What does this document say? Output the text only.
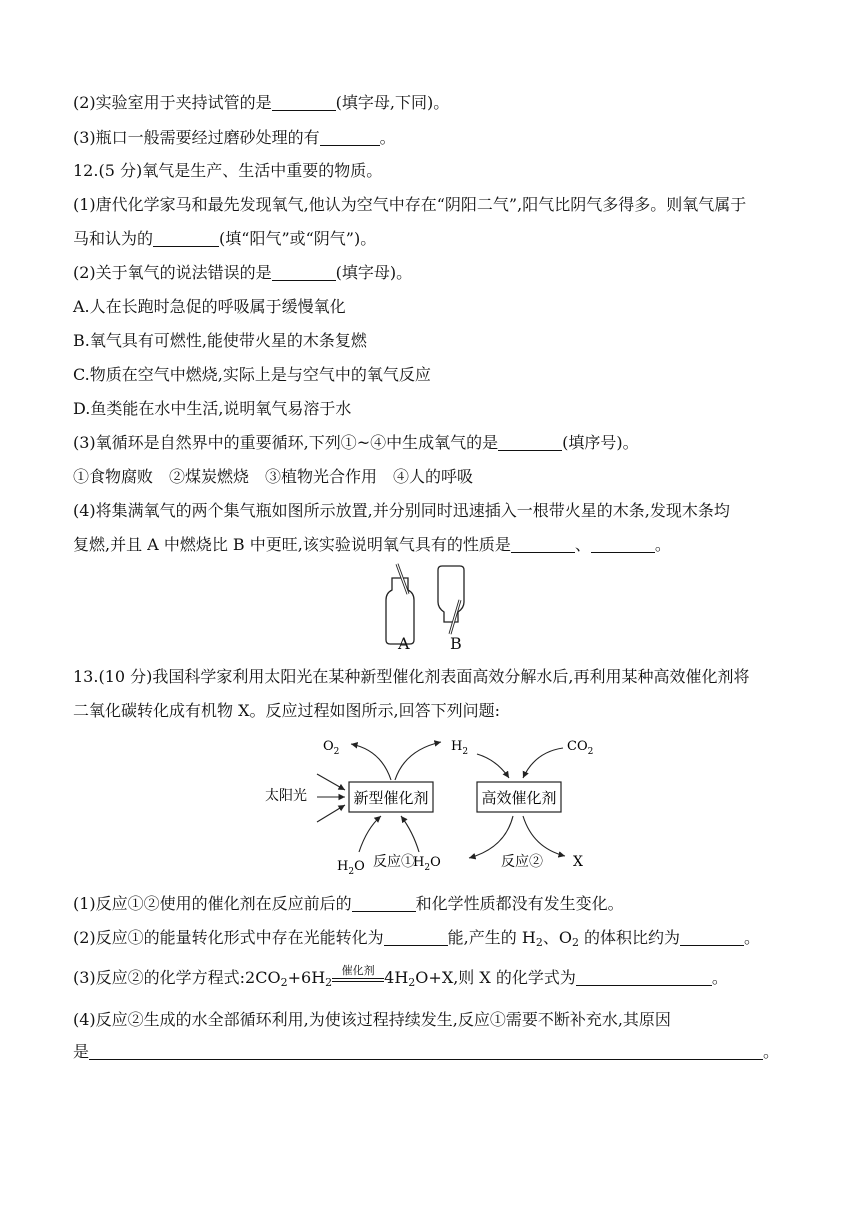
(2)实验室用于夹持试管的是	(填字母,下同)。
(3)瓶口一般需要经过磨砂处理的有	。
12.(5 分)氧气是生产、生活中重要的物质。
(1)唐代化学家马和最先发现氧气,他认为空气中存在“阴阳二气”,阳气比阴气多得多。则氧气属于
马和认为的	(填“阳气”或“阴气”)。
(2)关于氧气的说法错误的是	(填字母)。
A.人在长跑时急促的呼吸属于缓慢氧化
B.氧气具有可燃性,能使带火星的木条复燃
C.物质在空气中燃烧,实际上是与空气中的氧气反应
D.鱼类能在水中生活,说明氧气易溶于水
(3)氧循环是自然界中的重要循环,下列①~④中生成氧气的是	(填序号)。
①食物腐败　②煤炭燃烧　③植物光合作用　④人的呼吸
(4)将集满氧气的两个集气瓶如图所示放置,并分别同时迅速插入一根带火星的木条,发现木条均
复燃,并且 A 中燃烧比 B 中更旺,该实验说明氧气具有的性质是	、	。
A	B
13.(10 分)我国科学家利用太阳光在某种新型催化剂表面高效分解水后,再利用某种高效催化剂将
二氧化碳转化成有机物 X。反应过程如图所示,回答下列问题:
新型催化剂	高效催化剂
太阳光
$O_2$	$H_2$	$CO_2$
$H_2O$ 反应①
$H_2O$	反应② X
(1)反应①②使用的催化剂在反应前后的	和化学性质都没有发生变化。
(2)反应①的能量转化形式中存在光能转化为	能,产生的 $H_2$、$O_2$ 的体积比约为	。
(3)反应②的化学方程式$:2CO_2+6H_2$
催化剂 $4H_2O+X$,则 X 的化学式为	。
(4)反应②生成的水全部循环利用,为使该过程持续发生,反应①需要不断补充水,其原因
是	。
